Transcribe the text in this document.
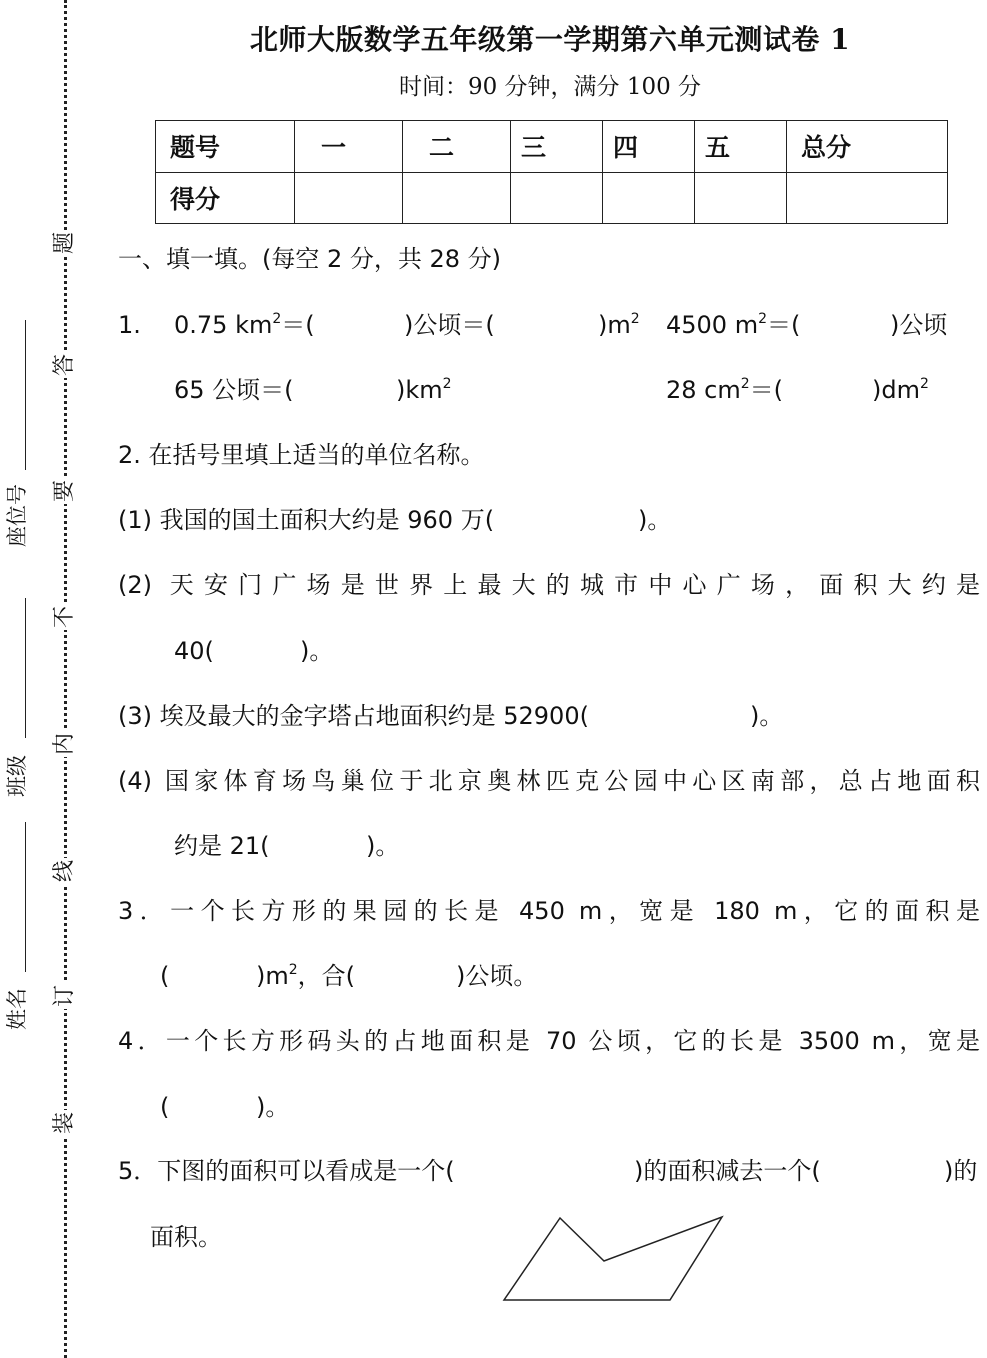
题
答
要
不
内
线
订
装
座位号
班级
姓名
北师大版数学五年级第一学期第六单元测试卷 1
时间：90 分钟，满分 100 分
题号	一	二	三	四	五	总分
得分						
一、填一填。(每空 2 分，共 28 分)
1. 0.75 $km^2=$(	)公顷＝(	)$m^2$ 4500 $m^2=$(	)公顷
65 公顷＝(	)$km^2$	28 $cm^2=$(	)$dm^2$
2. 在括号里填上适当的单位名称。
(1) 我国的国土面积大约是 960 万(	)。
(2) 天安门广场是世界上最大的城市中心广场，面积大约是
40(	)。
(3) 埃及最大的金字塔占地面积约是 52900(	)。
(4) 国家体育场鸟巢位于北京奥林匹克公园中心区南部，总占地面积
约是 21(	)。
3．一个长方形的果园的长是 450 m，宽是 180 m，它的面积是
(	)$m^2$，合(	)公顷。
4．一个长方形码头的占地面积是 70 公顷，它的长是 3500 m，宽是
(	)。
5．下图的面积可以看成是一个(	)的面积减去一个(	)的
面积。
